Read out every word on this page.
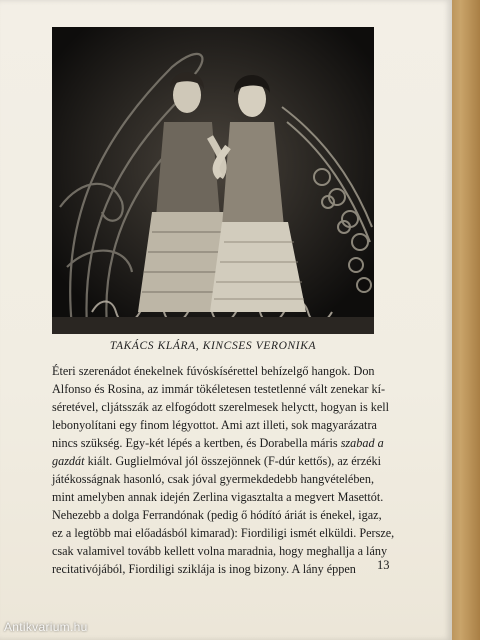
TAKÁCS KLÁRA, KINCSES VERONIKA
Éteri szerenádot énekelnek fúvóskísérettel behízelgő hangok. Don
Alfonso és Rosina, az immár tökéletesen testetlenné vált zenekar kí-
séretével, cljátsszák az elfogódott szerelmesek helyctt, hogyan is kell
lebonyolítani egy finom légyottot. Ami azt illeti, sok magyarázatra
nincs szükség. Egy-két lépés a kertben, és Dorabella máris szabad a
gazdát kiált. Guglielmóval jól összejönnek (F-dúr kettős), az érzéki
játékosságnak hasonló, csak jóval gyermekdedebb hangvételében,
mint amelyben annak idején Zerlina vigasztalta a megvert Masettót.
Nehezebb a dolga Ferrandónak (pedig ő hódító áriát is énekel, igaz,
ez a legtöbb mai előadásból kimarad): Fiordiligi ismét elküldi. Persze,
csak valamivel tovább kellett volna maradnia, hogy meghallja a lány
recitativójából, Fiordiligi sziklája is inog bizony. A lány éppen	13
Antikvarium.hu
